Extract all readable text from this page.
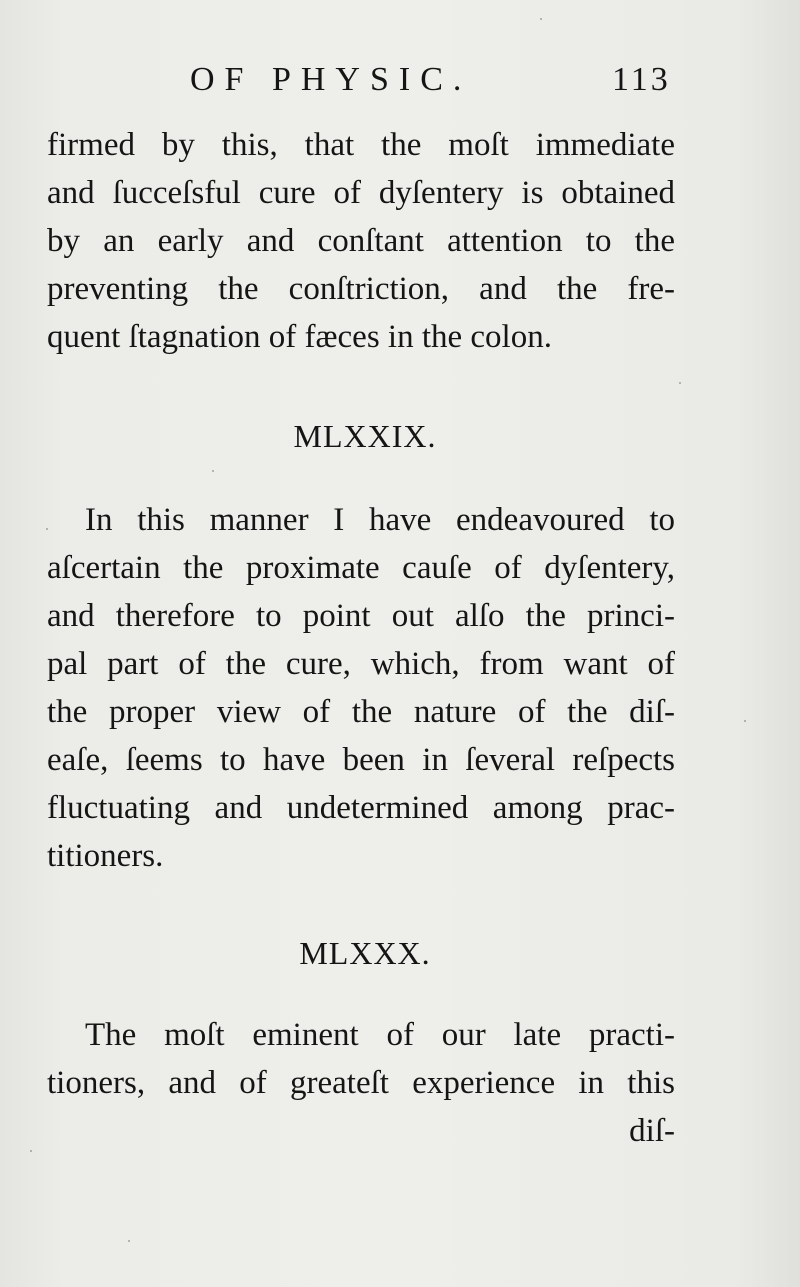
OF PHYSIC.	113
firmed by this, that the moſt immediate
and ſucceſsful cure of dyſentery is obtained
by an early and conſtant attention to the
preventing the conſtriction, and the fre-
quent ſtagnation of fæces in the colon.
MLXXIX.
In this manner I have endeavoured to
aſcertain the proximate cauſe of dyſentery,
and therefore to point out alſo the princi-
pal part of the cure, which, from want of
the proper view of the nature of the diſ-
eaſe, ſeems to have been in ſeveral reſpects
fluctuating and undetermined among prac-
titioners.
MLXXX.
The moſt eminent of our late practi-
tioners, and of greateſt experience in this
diſ-
